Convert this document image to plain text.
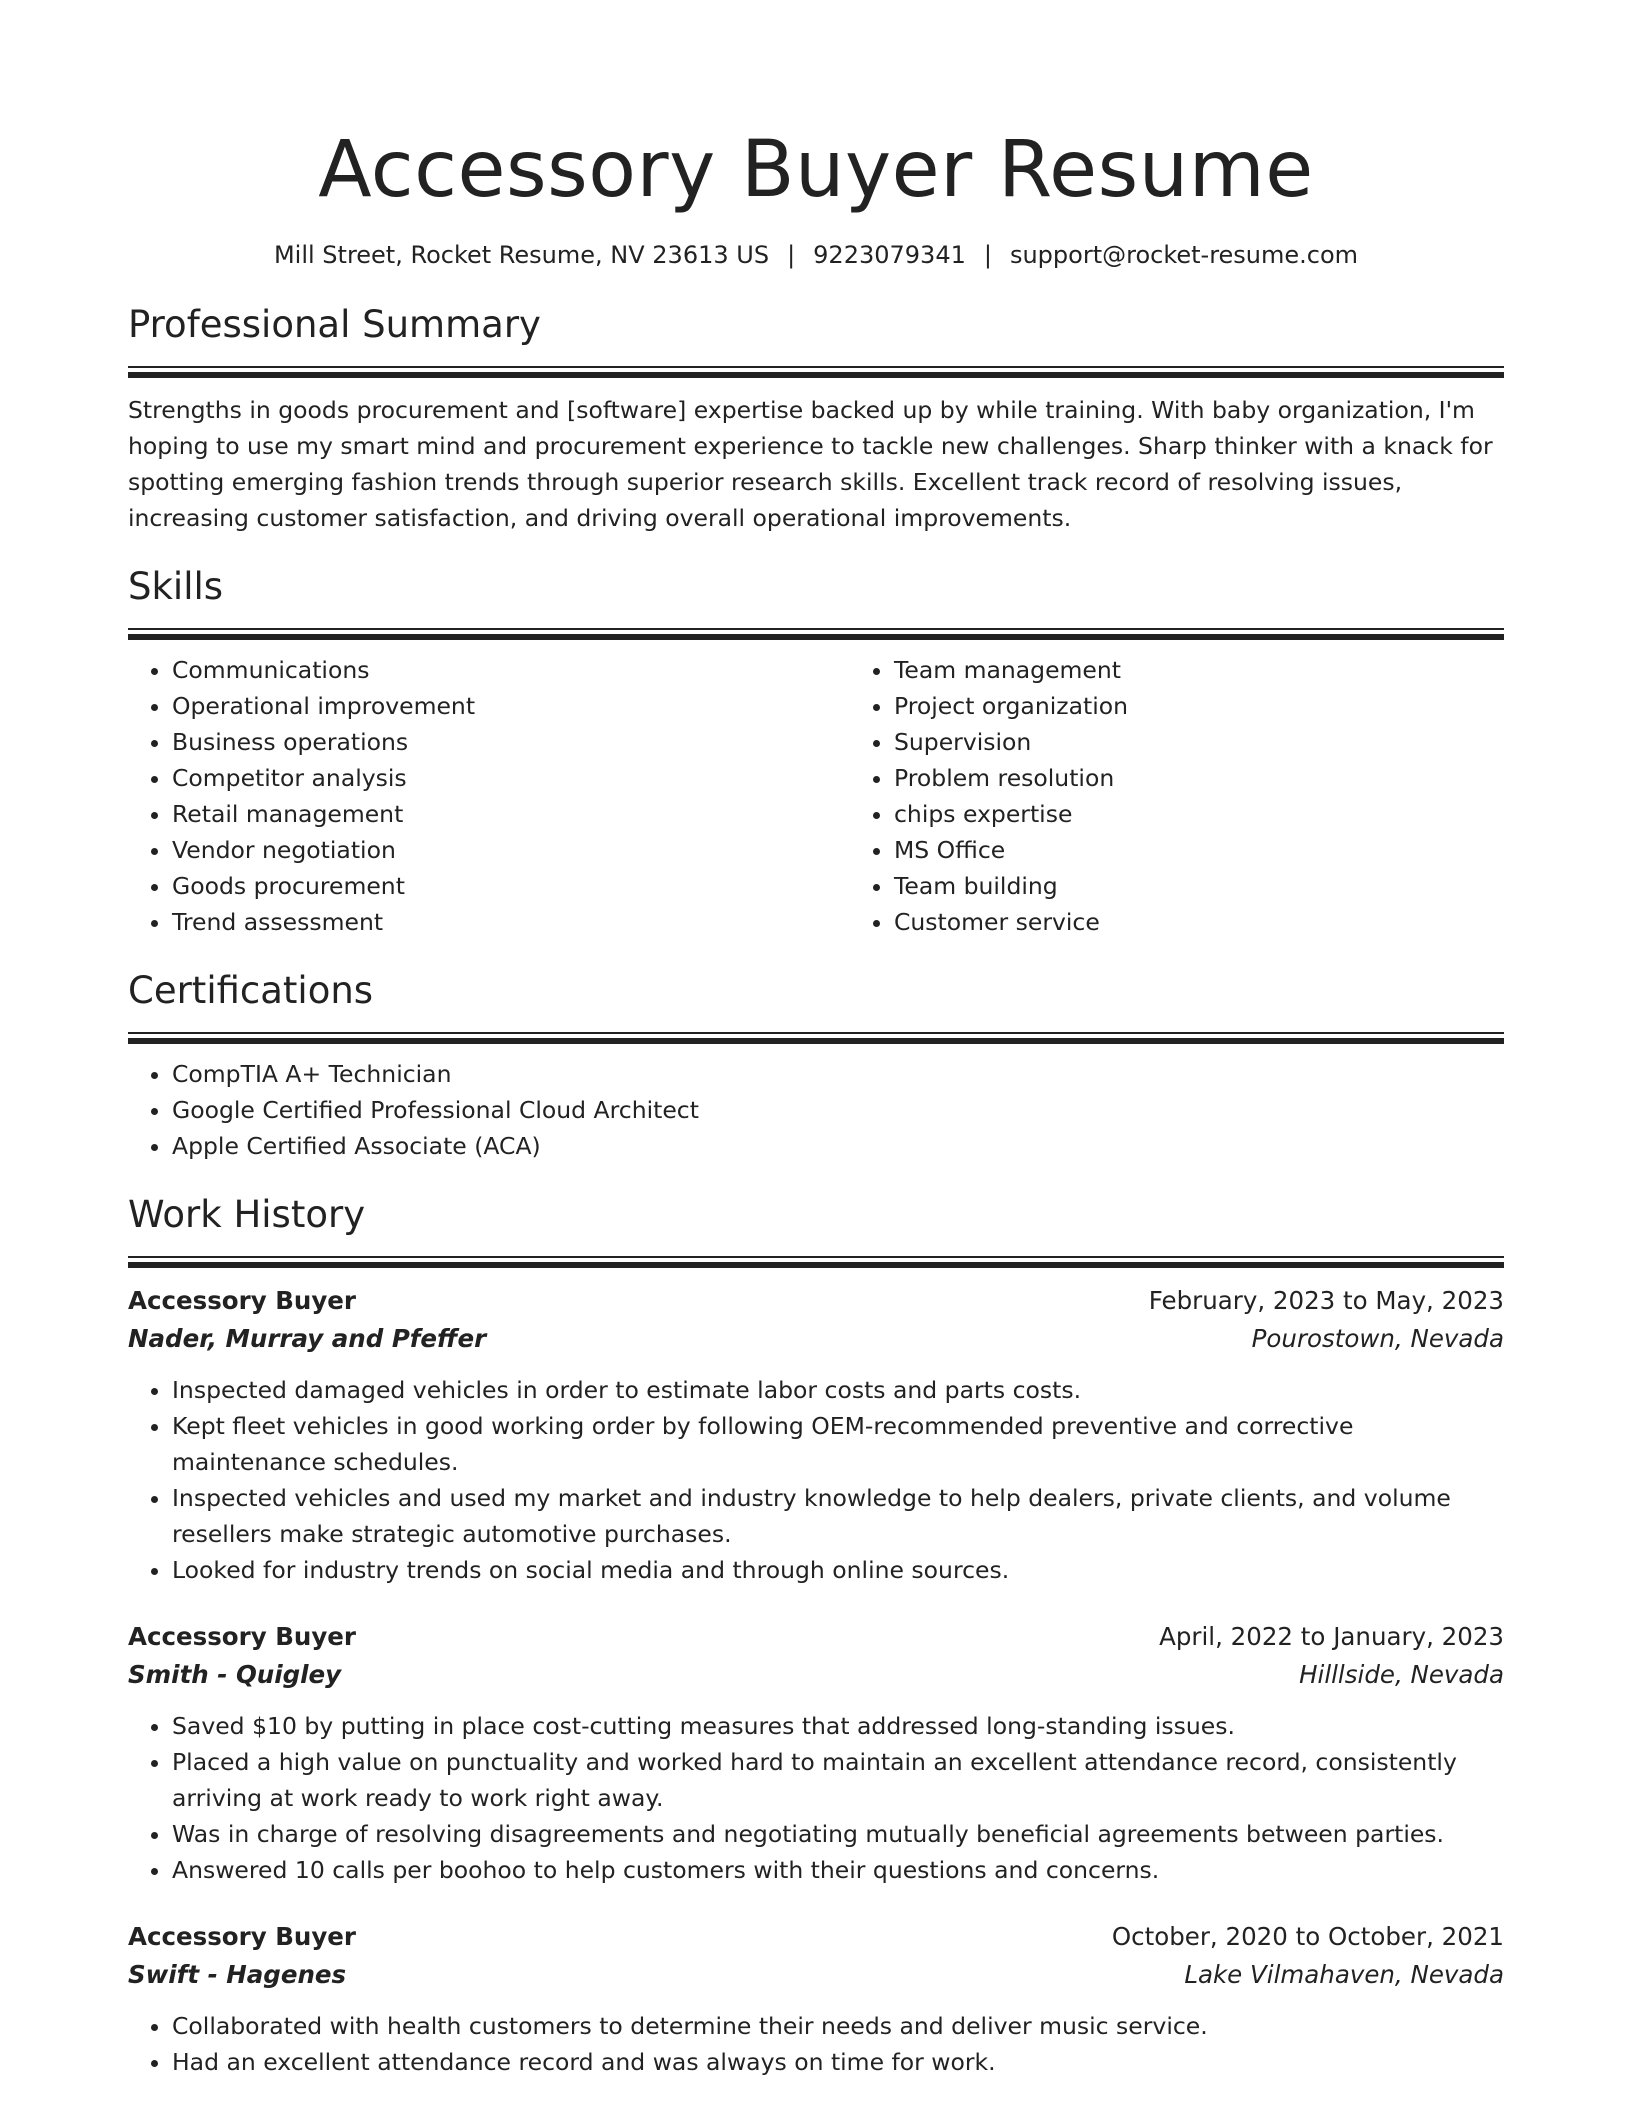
Accessory Buyer Resume
Mill Street, Rocket Resume, NV 23613 US | 9223079341 | support@rocket-resume.com
Professional Summary

Strengths in goods procurement and [software] expertise backed up by while training. With baby organization, I'm hoping to use my smart mind and procurement experience to tackle new challenges. Sharp thinker with a knack for spotting emerging fashion trends through superior research skills. Excellent track record of resolving issues, increasing customer satisfaction, and driving overall operational improvements.

Skills
• Communications
• Operational improvement
• Business operations
• Competitor analysis
• Retail management
• Vendor negotiation
• Goods procurement
• Trend assessment
• Team management
• Project organization
• Supervision
• Problem resolution
• chips expertise
• MS Office
• Team building
• Customer service
Certifications
• CompTIA A+ Technician
• Google Certified Professional Cloud Architect
• Apple Certified Associate (ACA)
Work History
Accessory Buyer	February, 2023 to May, 2023
Nader, Murray and Pfeffer	Pourostown, Nevada
• Inspected damaged vehicles in order to estimate labor costs and parts costs.
• Kept fleet vehicles in good working order by following OEM-recommended preventive and corrective maintenance schedules.
• Inspected vehicles and used my market and industry knowledge to help dealers, private clients, and volume resellers make strategic automotive purchases.
• Looked for industry trends on social media and through online sources.
Accessory Buyer	April, 2022 to January, 2023
Smith - Quigley	Hilllside, Nevada
• Saved $10 by putting in place cost-cutting measures that addressed long-standing issues.
• Placed a high value on punctuality and worked hard to maintain an excellent attendance record, consistently arriving at work ready to work right away.
• Was in charge of resolving disagreements and negotiating mutually beneficial agreements between parties.
• Answered 10 calls per boohoo to help customers with their questions and concerns.
Accessory Buyer	October, 2020 to October, 2021
Swift - Hagenes	Lake Vilmahaven, Nevada
• Collaborated with health customers to determine their needs and deliver music service.
• Had an excellent attendance record and was always on time for work.
